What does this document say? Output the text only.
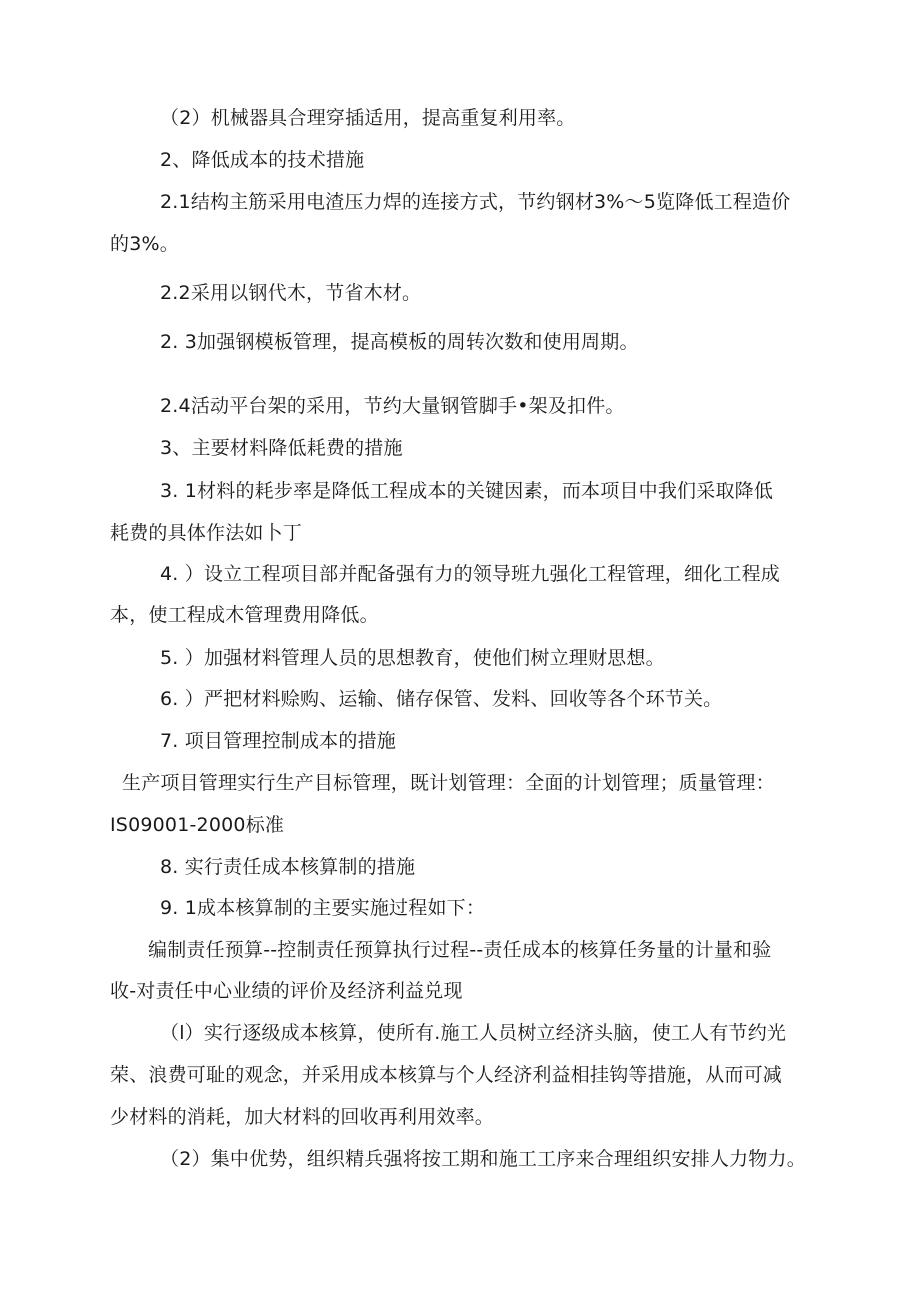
（2）机械器具合理穿插适用，提高重复利用率。
2、降低成本的技术措施
2.1结构主筋采用电渣压力焊的连接方式，节约钢材3%～5览降低工程造价
的3%。
2.2采用以钢代木，节省木材。
2. 3加强钢模板管理，提高模板的周转次数和使用周期。
2.4活动平台架的采用，节约大量钢管脚手•架及扣件。
3、主要材料降低耗费的措施
3. 1材料的耗步率是降低工程成本的关键因素，而本项目中我们采取降低
耗费的具体作法如卜丁
4. ）设立工程项目部并配备强有力的领导班九强化工程管理，细化工程成
本，使工程成木管理费用降低。
5. ）加强材料管理人员的思想教育，使他们树立理财思想。
6. ）严把材料赊购、运输、储存保管、发料、回收等各个环节关。
7. 项目管理控制成本的措施
生产项目管理实行生产目标管理，既计划管理：全面的计划管理；质量管理：
IS09001-2000标准
8. 实行责任成本核算制的措施
9. 1成本核算制的主要实施过程如下：
编制责任预算--控制责任预算执行过程--责任成本的核算任务量的计量和验
收-对责任中心业绩的评价及经济利益兑现
（l）实行逐级成本核算，使所有.施工人员树立经济头脑，使工人有节约光
荣、浪费可耻的观念，并采用成本核算与个人经济利益相挂钩等措施，从而可减
少材料的消耗，加大材料的回收再利用效率。
（2）集中优势，组织精兵强将按工期和施工工序来合理组织安排人力物力。
